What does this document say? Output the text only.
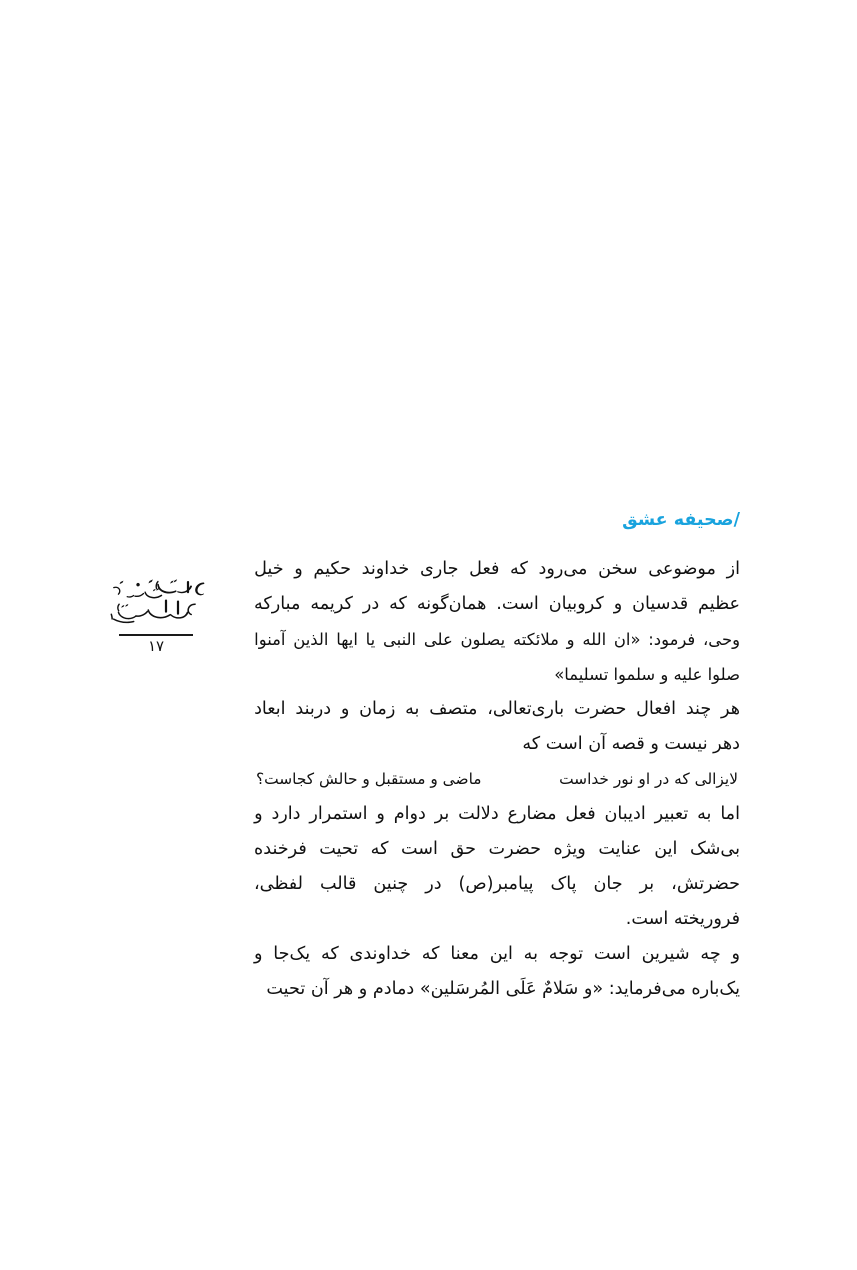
/صحیفه عشق
۱۷
از
موضوعی
سخن
می‌رود
که
فعل
جاری
خداوند
حکیم
و
خیل
عظیم
قدسیان
و
کروبیان
است.
همان‌گونه
که
در
کریمه
مبارکه
وحی،
فرمود:
«ان
الله
و
ملائکته
یصلون
علی
النبی
یا
ایها
الذین
آمنوا
صلوا علیه و سلموا تسلیما»
هر
چند
افعال
حضرت
باری‌تعالی،
متصف
به
زمان
و
دربند
ابعاد
دهر نیست و قصه آن است که
لایزالی که در او نور خداست
ماضی و مستقبل و حالش کجاست؟
اما
به
تعبیر
ادیبان
فعل
مضارع
دلالت
بر
دوام
و
استمرار
دارد
و
بی‌شک
این
عنایت
ویژه
حضرت
حق
است
که
تحیت
فرخنده
حضرتش،
بر
جان
پاک
پیامبر(ص)
در
چنین
قالب
لفظی،
فروریخته است.
و
چه
شیرین
است
توجه
به
این
معنا
که
خداوندی
که
یک‌جا
و
یک‌باره می‌فرماید: «و سَلامٌ عَلَی المُرسَلین» دمادم و هر آن تحیت
